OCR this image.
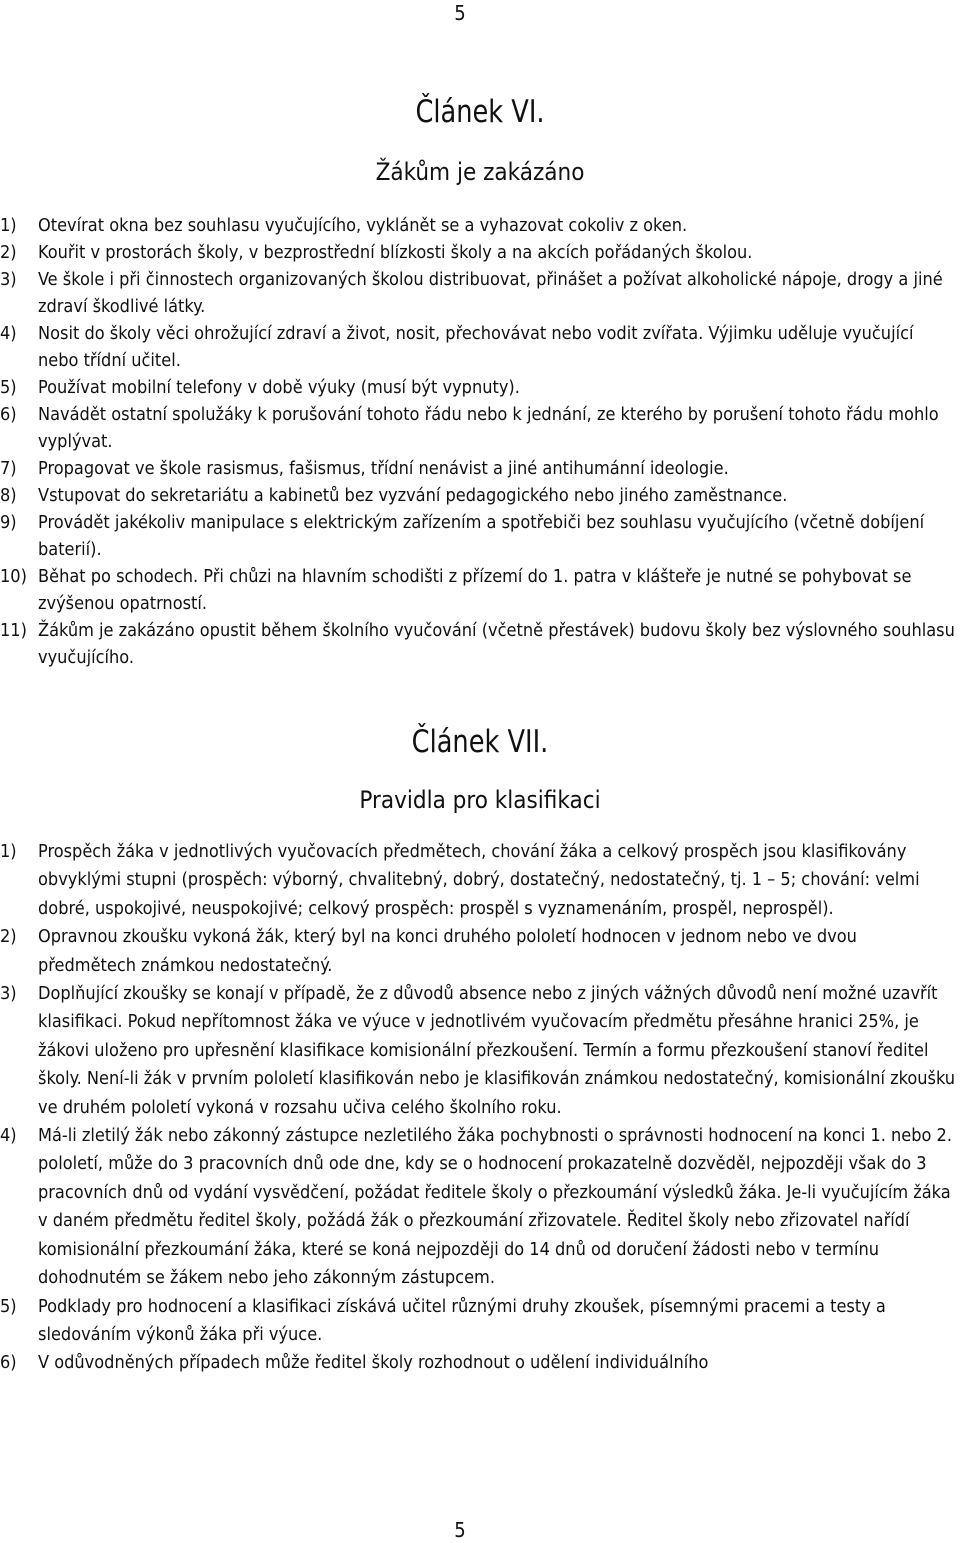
5
Článek VI.
Žákům je zakázáno
1) Otevírat okna bez souhlasu vyučujícího, vyklánět se a vyhazovat cokoliv z oken.
2) Kouřit v prostorách školy, v bezprostřední blízkosti školy a na akcích pořádaných školou.
3) Ve škole i při činnostech organizovaných školou distribuovat, přinášet a požívat alkoholické nápoje, drogy a jiné zdraví škodlivé látky.
4) Nosit do školy věci ohrožující zdraví a život, nosit, přechovávat nebo vodit zvířata. Výjimku uděluje vyučující nebo třídní učitel.
5) Používat mobilní telefony v době výuky (musí být vypnuty).
6) Navádět ostatní spolužáky k porušování tohoto řádu nebo k jednání, ze kterého by porušení tohoto řádu mohlo vyplývat.
7) Propagovat ve škole rasismus, fašismus, třídní nenávist a jiné antihumánní ideologie.
8) Vstupovat do sekretariátu a kabinetů bez vyzvání pedagogického nebo jiného zaměstnance.
9) Provádět jakékoliv manipulace s elektrickým zařízením a spotřebiči bez souhlasu vyučujícího (včetně dobíjení baterií).
10) Běhat po schodech. Při chůzi na hlavním schodišti z přízemí do 1. patra v klášteře je nutné se pohybovat se zvýšenou opatrností.
11) Žákům je zakázáno opustit během školního vyučování (včetně přestávek) budovu školy bez výslovného souhlasu vyučujícího.
Článek VII.
Pravidla pro klasifikaci
1) Prospěch žáka v jednotlivých vyučovacích předmětech, chování žáka a celkový prospěch jsou klasifikovány obvyklými stupni (prospěch: výborný, chvalitebný, dobrý, dostatečný, nedostatečný, tj. 1 – 5; chování: velmi dobré, uspokojivé, neuspokojivé; celkový prospěch: prospěl s vyznamenáním, prospěl, neprospěl).
2) Opravnou zkoušku vykoná žák, který byl na konci druhého pololetí hodnocen v jednom nebo ve dvou předmětech známkou nedostatečný.
3) Doplňující zkoušky se konají v případě, že z důvodů absence nebo z jiných vážných důvodů není možné uzavřít klasifikaci. Pokud nepřítomnost žáka ve výuce v jednotlivém vyučovacím předmětu přesáhne hranici 25%, je žákovi uloženo pro upřesnění klasifikace komisionální přezkoušení. Termín a formu přezkoušení stanoví ředitel školy. Není-li žák v prvním pololetí klasifikován nebo je klasifikován známkou nedostatečný, komisionální zkoušku ve druhém pololetí vykoná v rozsahu učiva celého školního roku.
4) Má-li zletilý žák nebo zákonný zástupce nezletilého žáka pochybnosti o správnosti hodnocení na konci 1. nebo 2. pololetí, může do 3 pracovních dnů ode dne, kdy se o hodnocení prokazatelně dozvěděl, nejpozději však do 3 pracovních dnů od vydání vysvědčení, požádat ředitele školy o přezkoumání výsledků žáka. Je-li vyučujícím žáka v daném předmětu ředitel školy, požádá žák o přezkoumání zřizovatele. Ředitel školy nebo zřizovatel nařídí komisionální přezkoumání žáka, které se koná nejpozději do 14 dnů od doručení žádosti nebo v termínu dohodnutém se žákem nebo jeho zákonným zástupcem.
5) Podklady pro hodnocení a klasifikaci získává učitel různými druhy zkoušek, písemnými pracemi a testy a sledováním výkonů žáka při výuce.
6) V odůvodněných případech může ředitel školy rozhodnout o udělení individuálního
5
